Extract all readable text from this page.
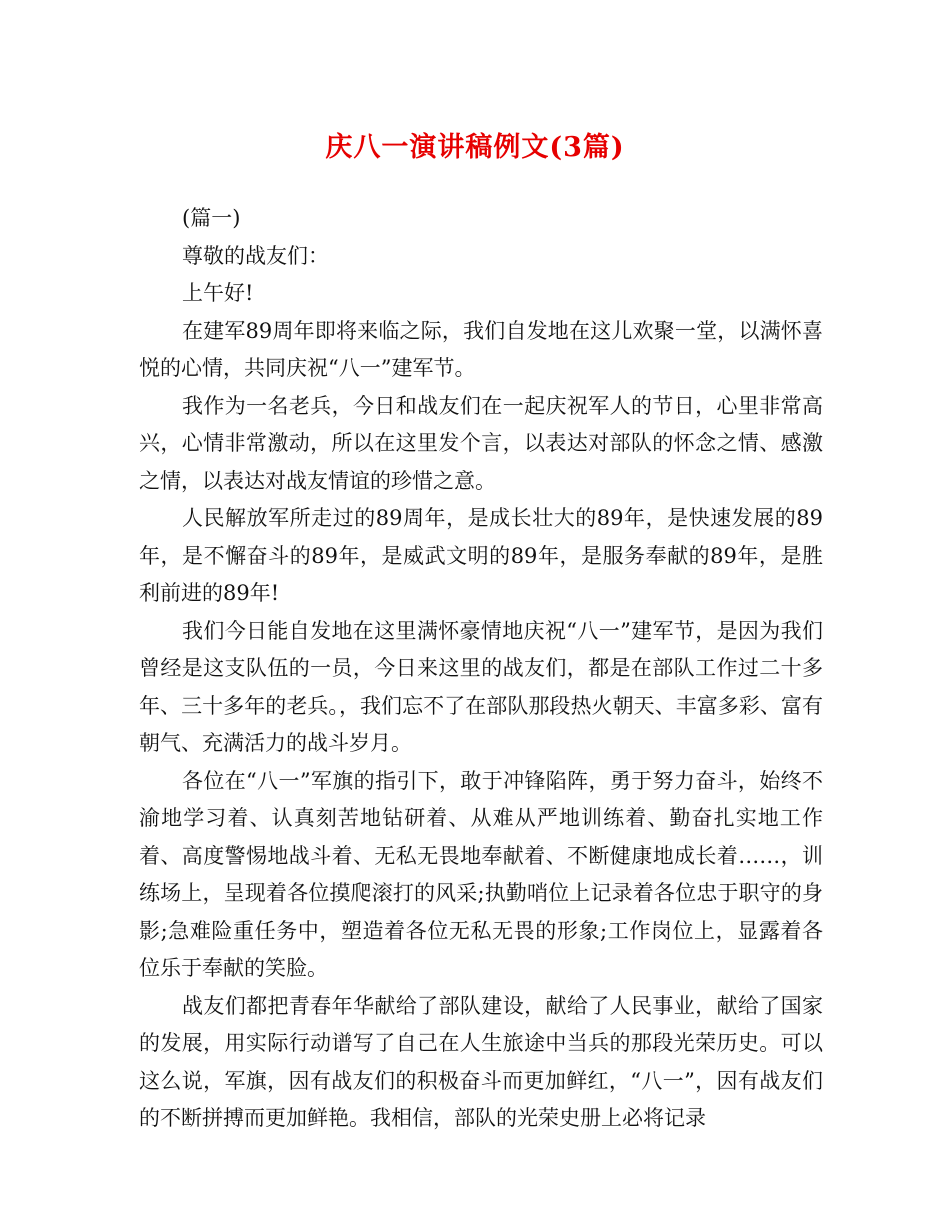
庆八一演讲稿例文(3篇)

(篇一)

尊敬的战友们：

上午好!

在建军89周年即将来临之际，我们自发地在这儿欢聚一堂，以满怀喜悦的心情，共同庆祝“八一”建军节。

我作为一名老兵，今日和战友们在一起庆祝军人的节日，心里非常高兴，心情非常激动，所以在这里发个言，以表达对部队的怀念之情、感激之情，以表达对战友情谊的珍惜之意。

人民解放军所走过的89周年，是成长壮大的89年，是快速发展的89年，是不懈奋斗的89年，是威武文明的89年，是服务奉献的89年，是胜利前进的89年!

我们今日能自发地在这里满怀豪情地庆祝“八一”建军节，是因为我们曾经是这支队伍的一员，今日来这里的战友们，都是在部队工作过二十多年、三十多年的老兵。，我们忘不了在部队那段热火朝天、丰富多彩、富有朝气、充满活力的战斗岁月。

各位在“八一”军旗的指引下，敢于冲锋陷阵，勇于努力奋斗，始终不渝地学习着、认真刻苦地钻研着、从难从严地训练着、勤奋扎实地工作着、高度警惕地战斗着、无私无畏地奉献着、不断健康地成长着……，训练场上，呈现着各位摸爬滚打的风采;执勤哨位上记录着各位忠于职守的身影;急难险重任务中，塑造着各位无私无畏的形象;工作岗位上，显露着各位乐于奉献的笑脸。

战友们都把青春年华献给了部队建设，献给了人民事业，献给了国家的发展，用实际行动谱写了自己在人生旅途中当兵的那段光荣历史。可以这么说，军旗，因有战友们的积极奋斗而更加鲜红，“八一”，因有战友们的不断拼搏而更加鲜艳。我相信，部队的光荣史册上必将记录
